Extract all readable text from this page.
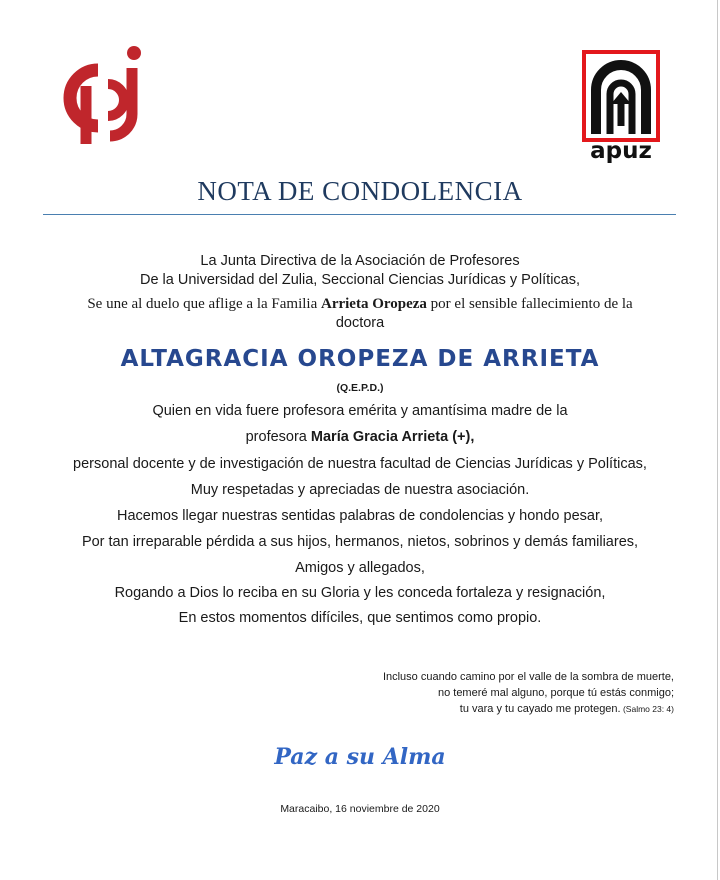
apuz
NOTA DE CONDOLENCIA
La Junta Directiva de la Asociación de Profesores
De la Universidad del Zulia, Seccional Ciencias Jurídicas y Políticas,
Se une al duelo que aflige a la Familia Arrieta Oropeza por el sensible fallecimiento de la
doctora
ALTAGRACIA OROPEZA DE ARRIETA
(Q.E.P.D.)
Quien en vida fuere profesora emérita y amantísima madre de la
profesora María Gracia Arrieta (+),
personal docente y de investigación de nuestra facultad de Ciencias Jurídicas y Políticas,
Muy respetadas y apreciadas de nuestra asociación.
Hacemos llegar nuestras sentidas palabras de condolencias y hondo pesar,
Por tan irreparable pérdida a sus hijos, hermanos, nietos, sobrinos y demás familiares,
Amigos y allegados,
Rogando a Dios lo reciba en su Gloria y les conceda fortaleza y resignación,
En estos momentos difíciles, que sentimos como propio.
Incluso cuando camino por el valle de la sombra de muerte,
no temeré mal alguno, porque tú estás conmigo;
tu vara y tu cayado me protegen. (Salmo 23: 4)
Paz a su Alma
Maracaibo, 16 noviembre de 2020
